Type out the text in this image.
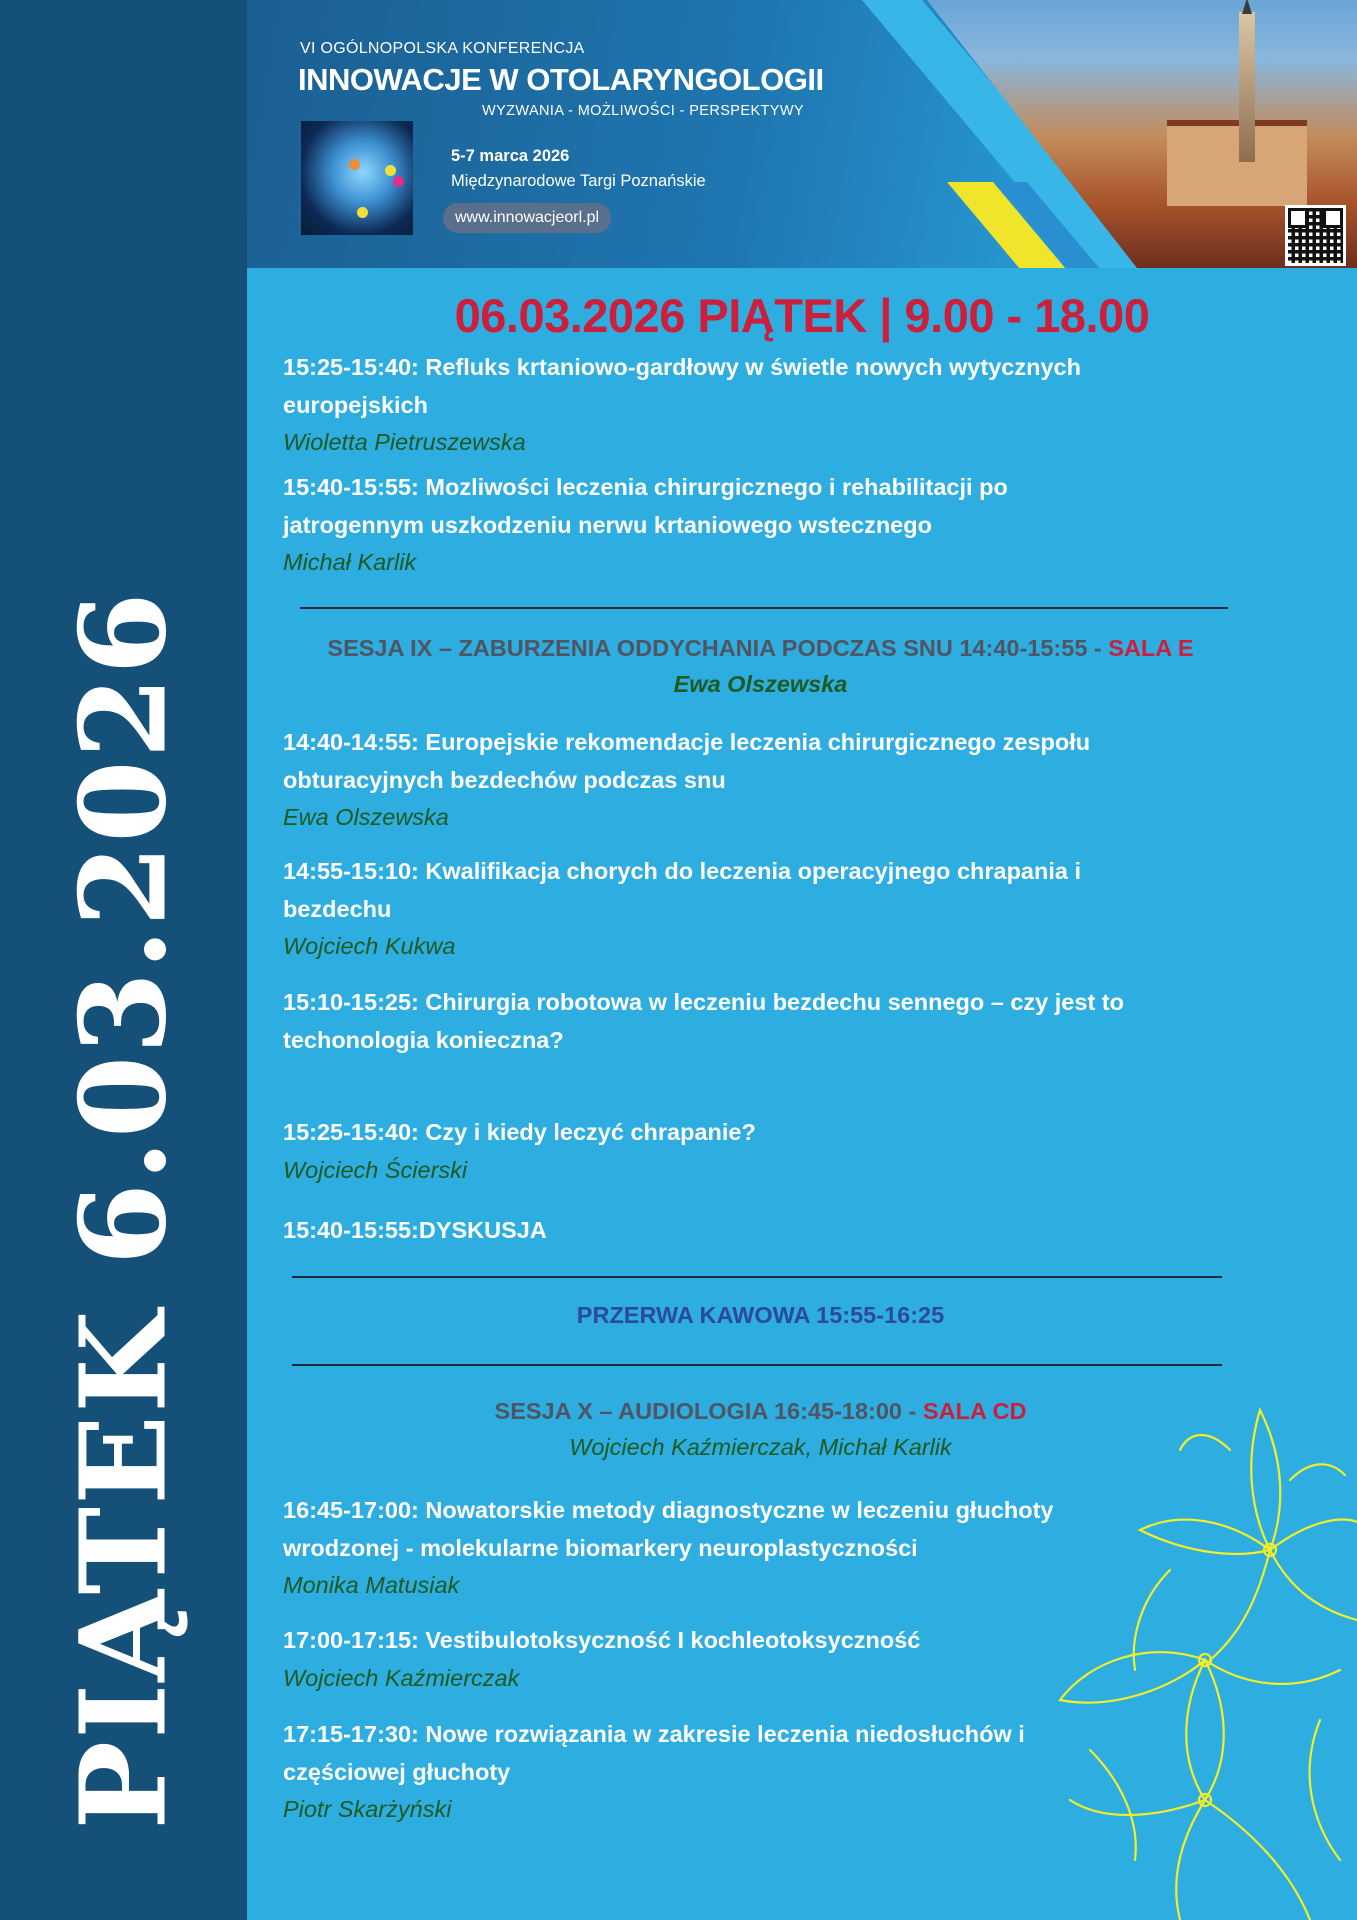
PIĄTEK 6.03.2026
VI OGÓLNOPOLSKA KONFERENCJA
INNOWACJE W OTOLARYNGOLOGII
WYZWANIA - MOŻLIWOŚCI - PERSPEKTYWY
5-7 marca 2026
Międzynarodowe Targi Poznańskie
www.innowacjeorl.pl
06.03.2026 PIĄTEK | 9.00 - 18.00
15:25-15:40: Refluks krtaniowo-gardłowy w świetle nowych wytycznych
europejskich
Wioletta Pietruszewska
15:40-15:55: Mozliwości leczenia chirurgicznego i rehabilitacji po
jatrogennym uszkodzeniu nerwu krtaniowego wstecznego
Michał Karlik
SESJA IX – ZABURZENIA ODDYCHANIA PODCZAS SNU 14:40-15:55 - SALA E
Ewa Olszewska
14:40-14:55: Europejskie rekomendacje leczenia chirurgicznego zespołu
obturacyjnych bezdechów podczas snu
Ewa Olszewska
14:55-15:10: Kwalifikacja chorych do leczenia operacyjnego chrapania i
bezdechu
Wojciech Kukwa
15:10-15:25: Chirurgia robotowa w leczeniu bezdechu sennego – czy jest to
techonologia konieczna?
15:25-15:40: Czy i kiedy leczyć chrapanie?
Wojciech Ścierski
15:40-15:55:DYSKUSJA
PRZERWA KAWOWA 15:55-16:25
SESJA X – AUDIOLOGIA 16:45-18:00 - SALA CD
Wojciech Kaźmierczak, Michał Karlik
16:45-17:00: Nowatorskie metody diagnostyczne w leczeniu głuchoty
wrodzonej - molekularne biomarkery neuroplastyczności
Monika Matusiak
17:00-17:15: Vestibulotoksyczność I kochleotoksyczność
Wojciech Kaźmierczak
17:15-17:30: Nowe rozwiązania w zakresie leczenia niedosłuchów i
częściowej głuchoty
Piotr Skarżyński
